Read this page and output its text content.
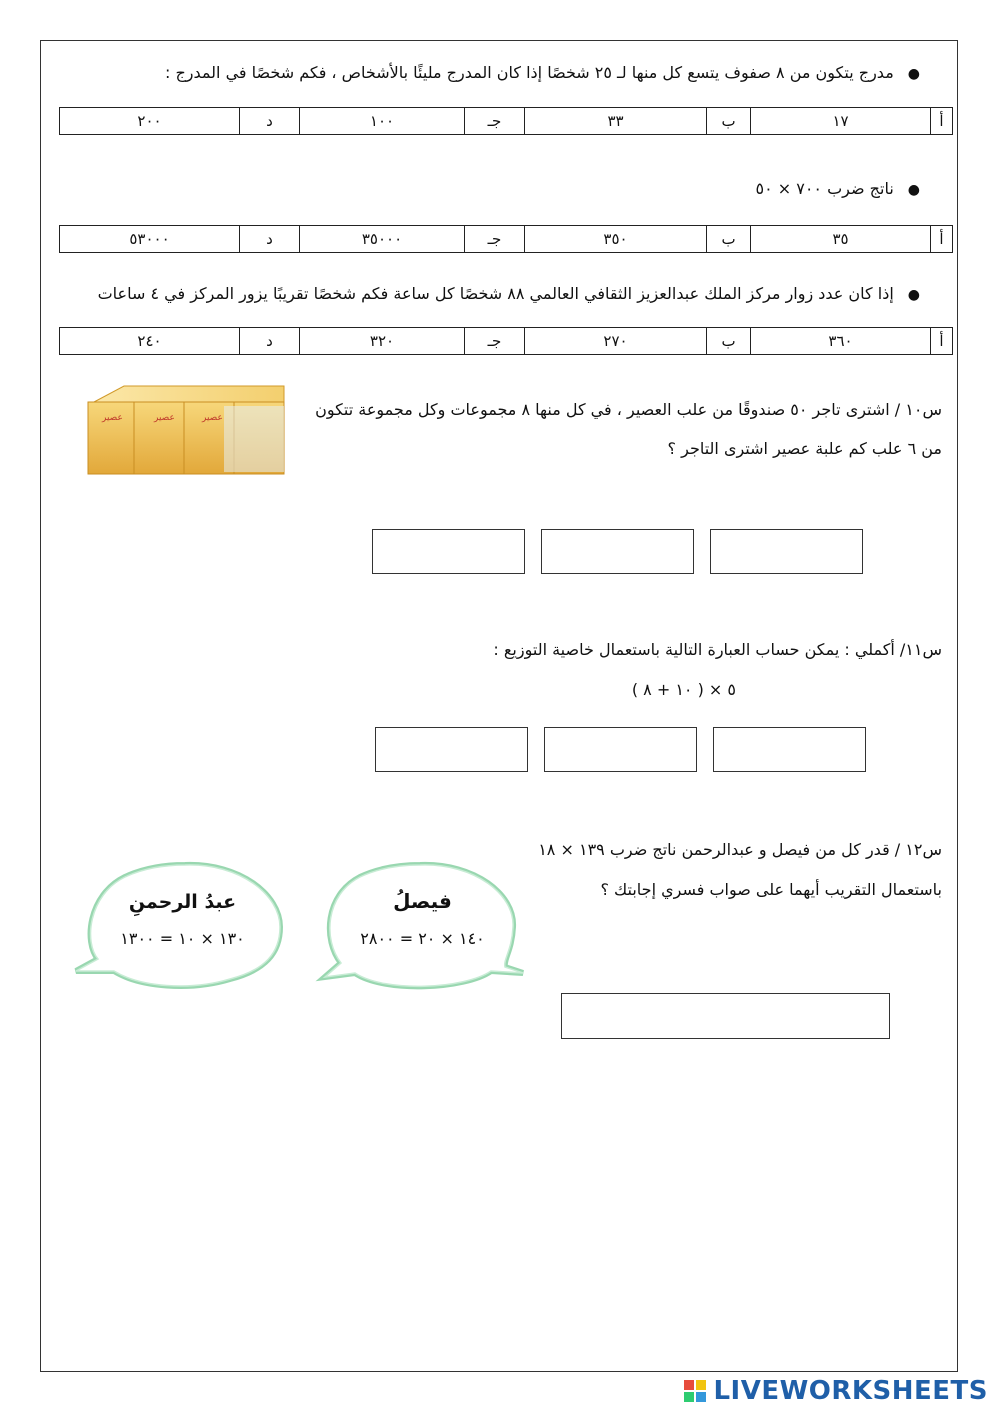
●مدرج يتكون من ٨ صفوف يتسع كل منها لـ ٢٥ شخصًا إذا كان المدرج مليئًا بالأشخاص ، فكم شخصًا في المدرج :
أ	١٧	ب	٣٣	جـ	١٠٠	د	٢٠٠
●ناتج ضرب ٧٠٠ × ٥٠
أ	٣٥	ب	٣٥٠	جـ	٣٥٠٠٠	د	٥٣٠٠٠
●إذا كان عدد زوار مركز الملك عبدالعزيز الثقافي العالمي ٨٨ شخصًا كل ساعة فكم شخصًا تقريبًا يزور المركز في ٤ ساعات
أ	٣٦٠	ب	٢٧٠	جـ	٣٢٠	د	٢٤٠
س١٠ / اشترى تاجر ٥٠ صندوقًا من علب العصير ، في كل منها ٨ مجموعات وكل مجموعة تتكون
من ٦ علب كم علبة عصير اشترى التاجر ؟
عصير	عصير	عصير
س١١/ أكملي : يمكن حساب العبارة التالية باستعمال خاصية التوزيع :
٥ × ( ١٠ + ٨ )
س١٢ / قدر كل من فيصل و عبدالرحمن ناتج ضرب ١٣٩ × ١٨
باستعمال التقريب أيهما على صواب فسري إجابتك ؟
فيصلُ
١٤٠ × ٢٠ = ٢٨٠٠
عبدُ الرحمنِ
١٣٠ × ١٠ = ١٣٠٠
LIVEWORKSHEETS
